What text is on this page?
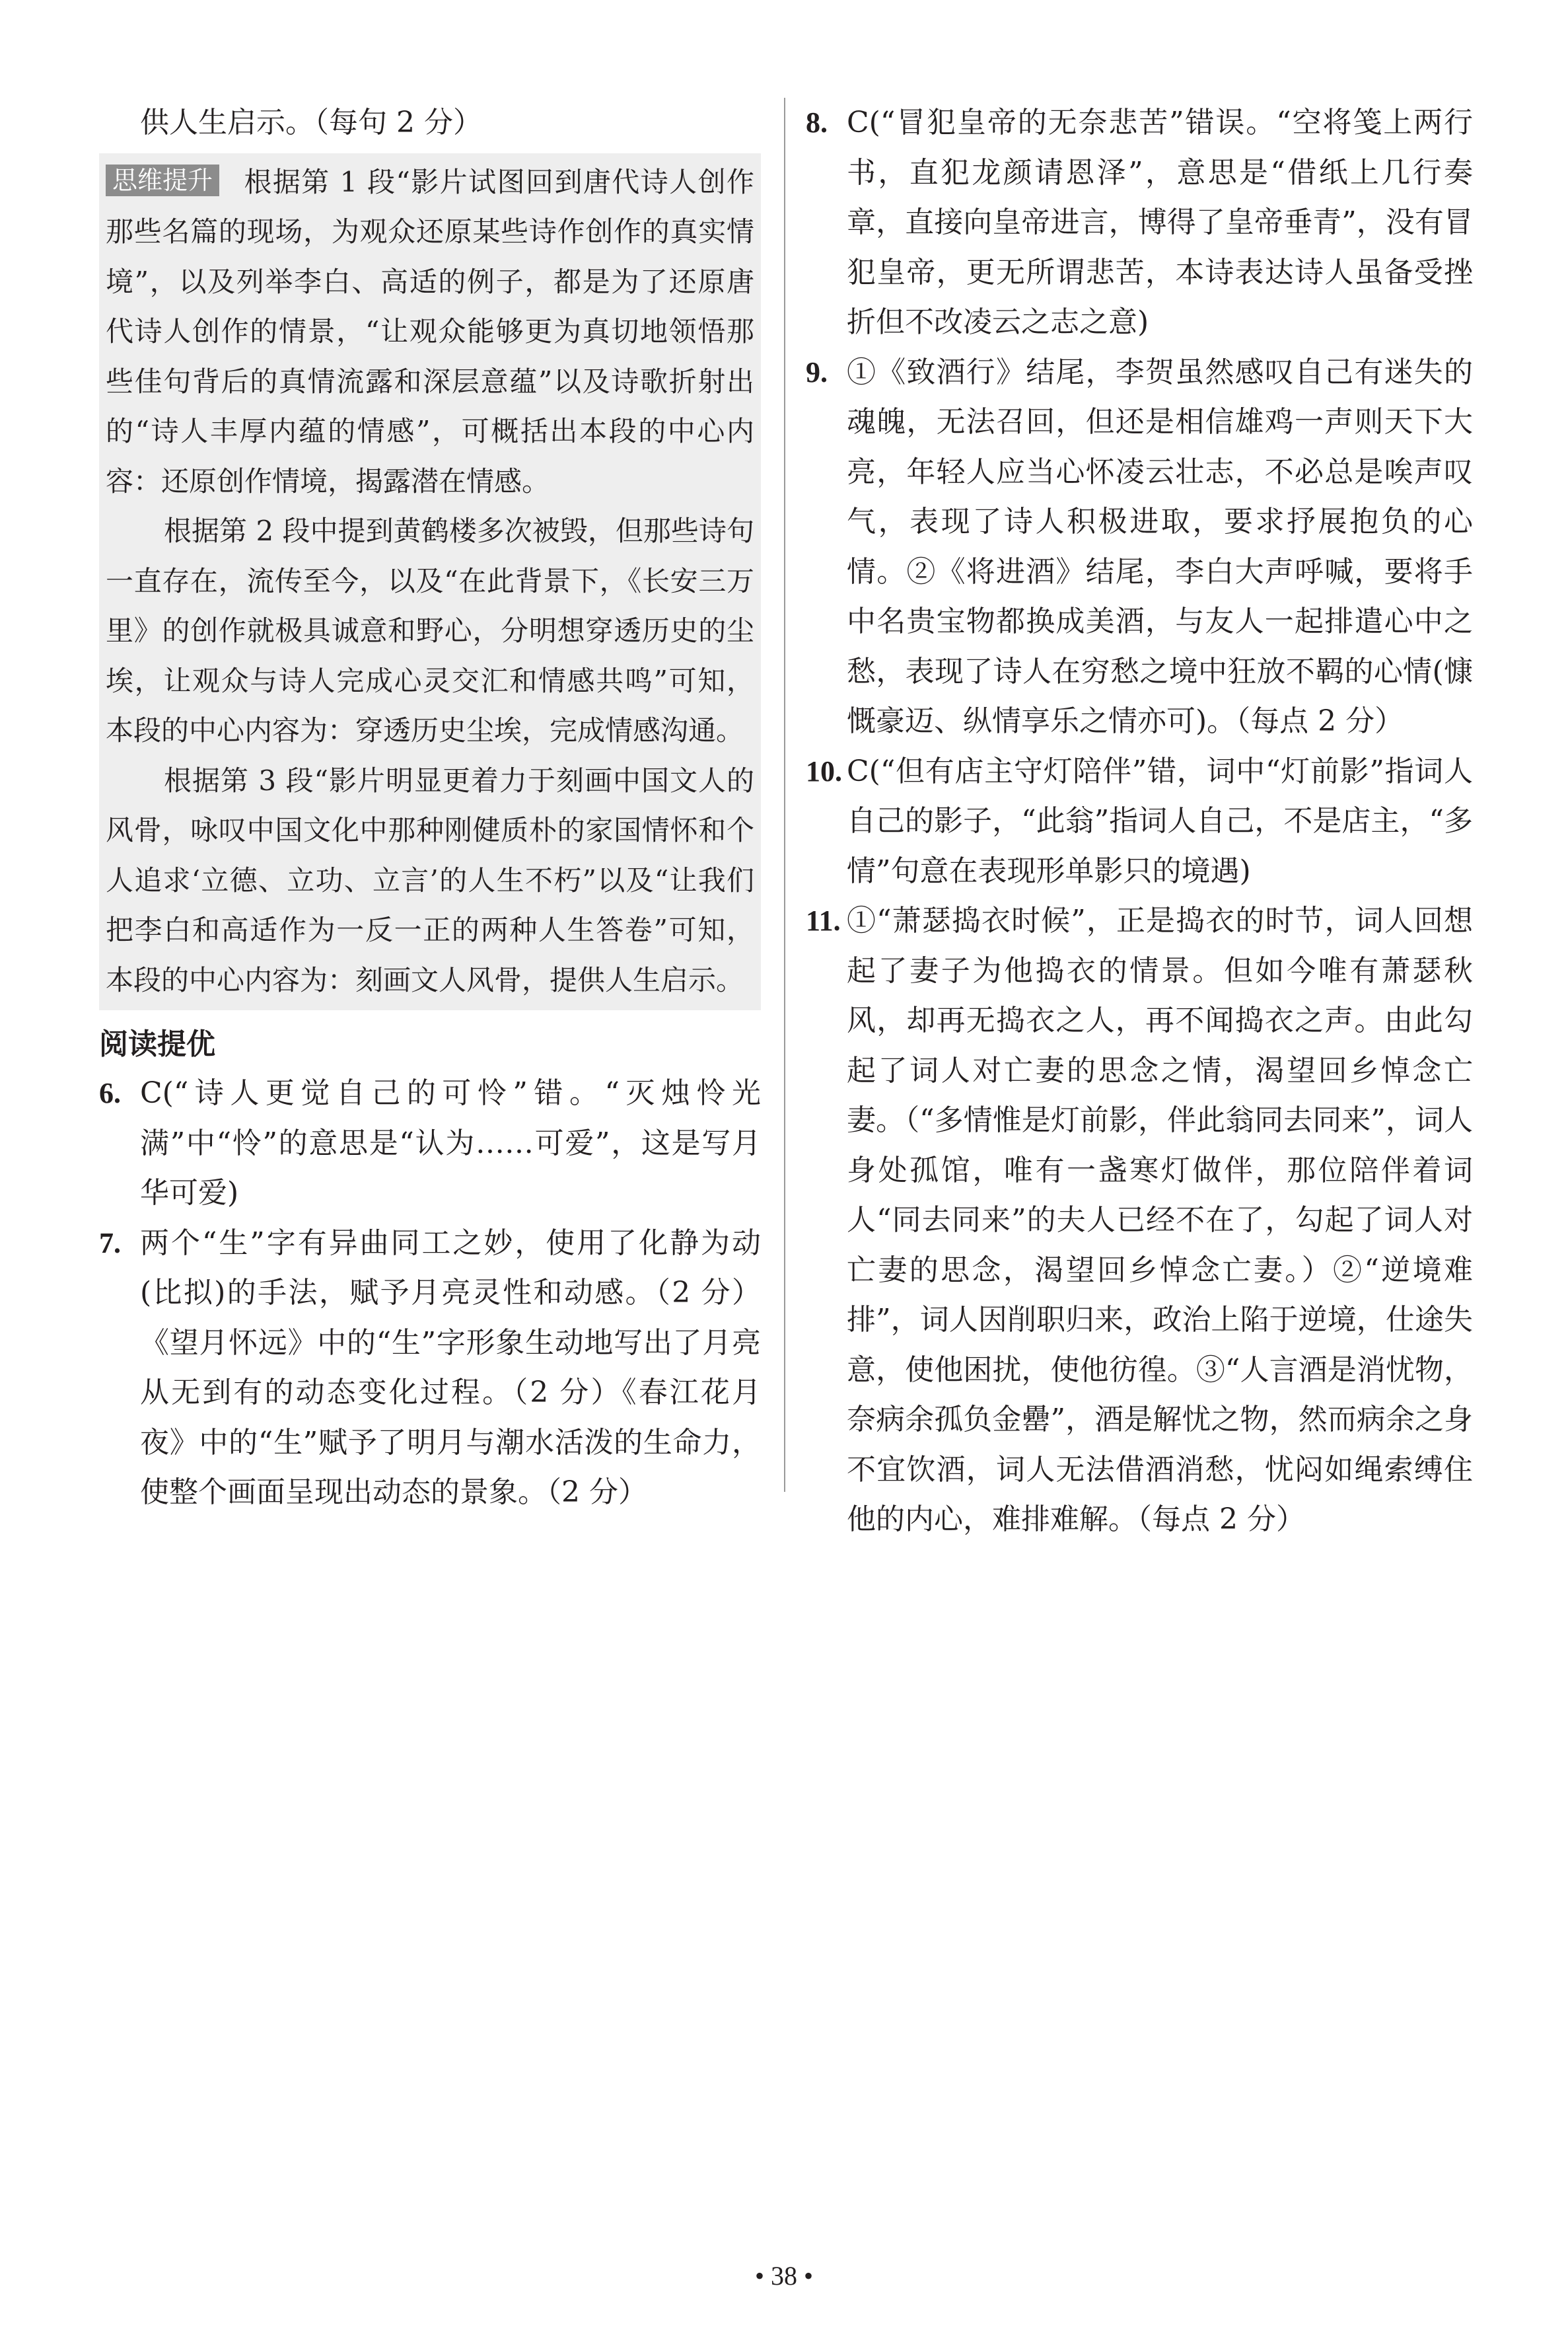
供人生启示。（每句 2 分）

思维提升 根据第 1 段“影片试图回到唐代诗人创作那些名篇的现场，为观众还原某些诗作创作的真实情境”，以及列举李白、高适的例子，都是为了还原唐代诗人创作的情景，“让观众能够更为真切地领悟那些佳句背后的真情流露和深层意蕴”以及诗歌折射出的“诗人丰厚内蕴的情感”，可概括出本段的中心内容：还原创作情境，揭露潜在情感。

根据第 2 段中提到黄鹤楼多次被毁，但那些诗句一直存在，流传至今，以及“在此背景下，《长安三万里》的创作就极具诚意和野心，分明想穿透历史的尘埃，让观众与诗人完成心灵交汇和情感共鸣”可知，本段的中心内容为：穿透历史尘埃，完成情感沟通。

根据第 3 段“影片明显更着力于刻画中国文人的风骨，咏叹中国文化中那种刚健质朴的家国情怀和个人追求‘立德、立功、立言’的人生不朽”以及“让我们把李白和高适作为一反一正的两种人生答卷”可知，本段的中心内容为：刻画文人风骨，提供人生启示。

阅读提优
6. C(“诗人更觉自己的可怜”错。“灭烛怜光满”中“怜”的意思是“认为……可爱”，这是写月华可爱)
7. 两个“生”字有异曲同工之妙，使用了化静为动(比拟)的手法，赋予月亮灵性和动感。（2 分）《望月怀远》中的“生”字形象生动地写出了月亮从无到有的动态变化过程。（2 分）《春江花月夜》中的“生”赋予了明月与潮水活泼的生命力，使整个画面呈现出动态的景象。（2 分）
8. C(“冒犯皇帝的无奈悲苦”错误。“空将笺上两行书，直犯龙颜请恩泽”，意思是“借纸上几行奏章，直接向皇帝进言，博得了皇帝垂青”，没有冒犯皇帝，更无所谓悲苦，本诗表达诗人虽备受挫折但不改凌云之志之意)
9. ①《致酒行》结尾，李贺虽然感叹自己有迷失的魂魄，无法召回，但还是相信雄鸡一声则天下大亮，年轻人应当心怀凌云壮志，不必总是唉声叹气，表现了诗人积极进取，要求抒展抱负的心情。②《将进酒》结尾，李白大声呼喊，要将手中名贵宝物都换成美酒，与友人一起排遣心中之愁，表现了诗人在穷愁之境中狂放不羁的心情(慷慨豪迈、纵情享乐之情亦可)。（每点 2 分）
10. C(“但有店主守灯陪伴”错，词中“灯前影”指词人自己的影子，“此翁”指词人自己，不是店主，“多情”句意在表现形单影只的境遇)
11. ①“萧瑟捣衣时候”，正是捣衣的时节，词人回想起了妻子为他捣衣的情景。但如今唯有萧瑟秋风，却再无捣衣之人，再不闻捣衣之声。由此勾起了词人对亡妻的思念之情，渴望回乡悼念亡妻。（“多情惟是灯前影，伴此翁同去同来”，词人身处孤馆，唯有一盏寒灯做伴，那位陪伴着词人“同去同来”的夫人已经不在了，勾起了词人对亡妻的思念，渴望回乡悼念亡妻。）②“逆境难排”，词人因削职归来，政治上陷于逆境，仕途失意，使他困扰，使他彷徨。③“人言酒是消忧物，奈病余孤负金罍”，酒是解忧之物，然而病余之身不宜饮酒，词人无法借酒消愁，忧闷如绳索缚住他的内心，难排难解。（每点 2 分）
• 38 •
